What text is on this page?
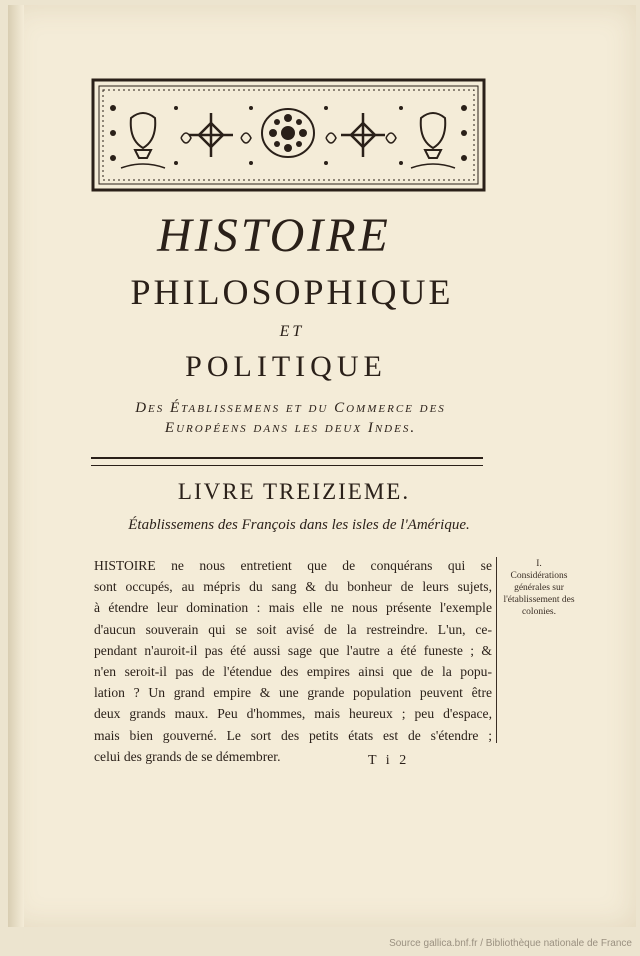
HISTOIRE
PHILOSOPHIQUE
ET
POLITIQUE
Des Établissemens et du Commerce des
Européens dans les deux Indes.
LIVRE TREIZIEME.
Établissemens des François dans les isles de l'Amérique.
HISTOIRE ne nous entretient que de conquérans qui se
sont occupés, au mépris du sang & du bonheur de leurs sujets,
à étendre leur domination : mais elle ne nous présente l'exemple
d'aucun souverain qui se soit avisé de la restreindre. L'un, ce-
pendant n'auroit-il pas été aussi sage que l'autre a été funeste ; &
n'en seroit-il pas de l'étendue des empires ainsi que de la popu-
lation ? Un grand empire & une grande population peuvent être
deux grands maux. Peu d'hommes, mais heureux ; peu d'espace,
mais bien gouverné. Le sort des petits états est de s'étendre ;
celui des grands de se démembrer.
I.
Considérations générales sur l'établissement des colonies.
T i 2
Source gallica.bnf.fr / Bibliothèque nationale de France
